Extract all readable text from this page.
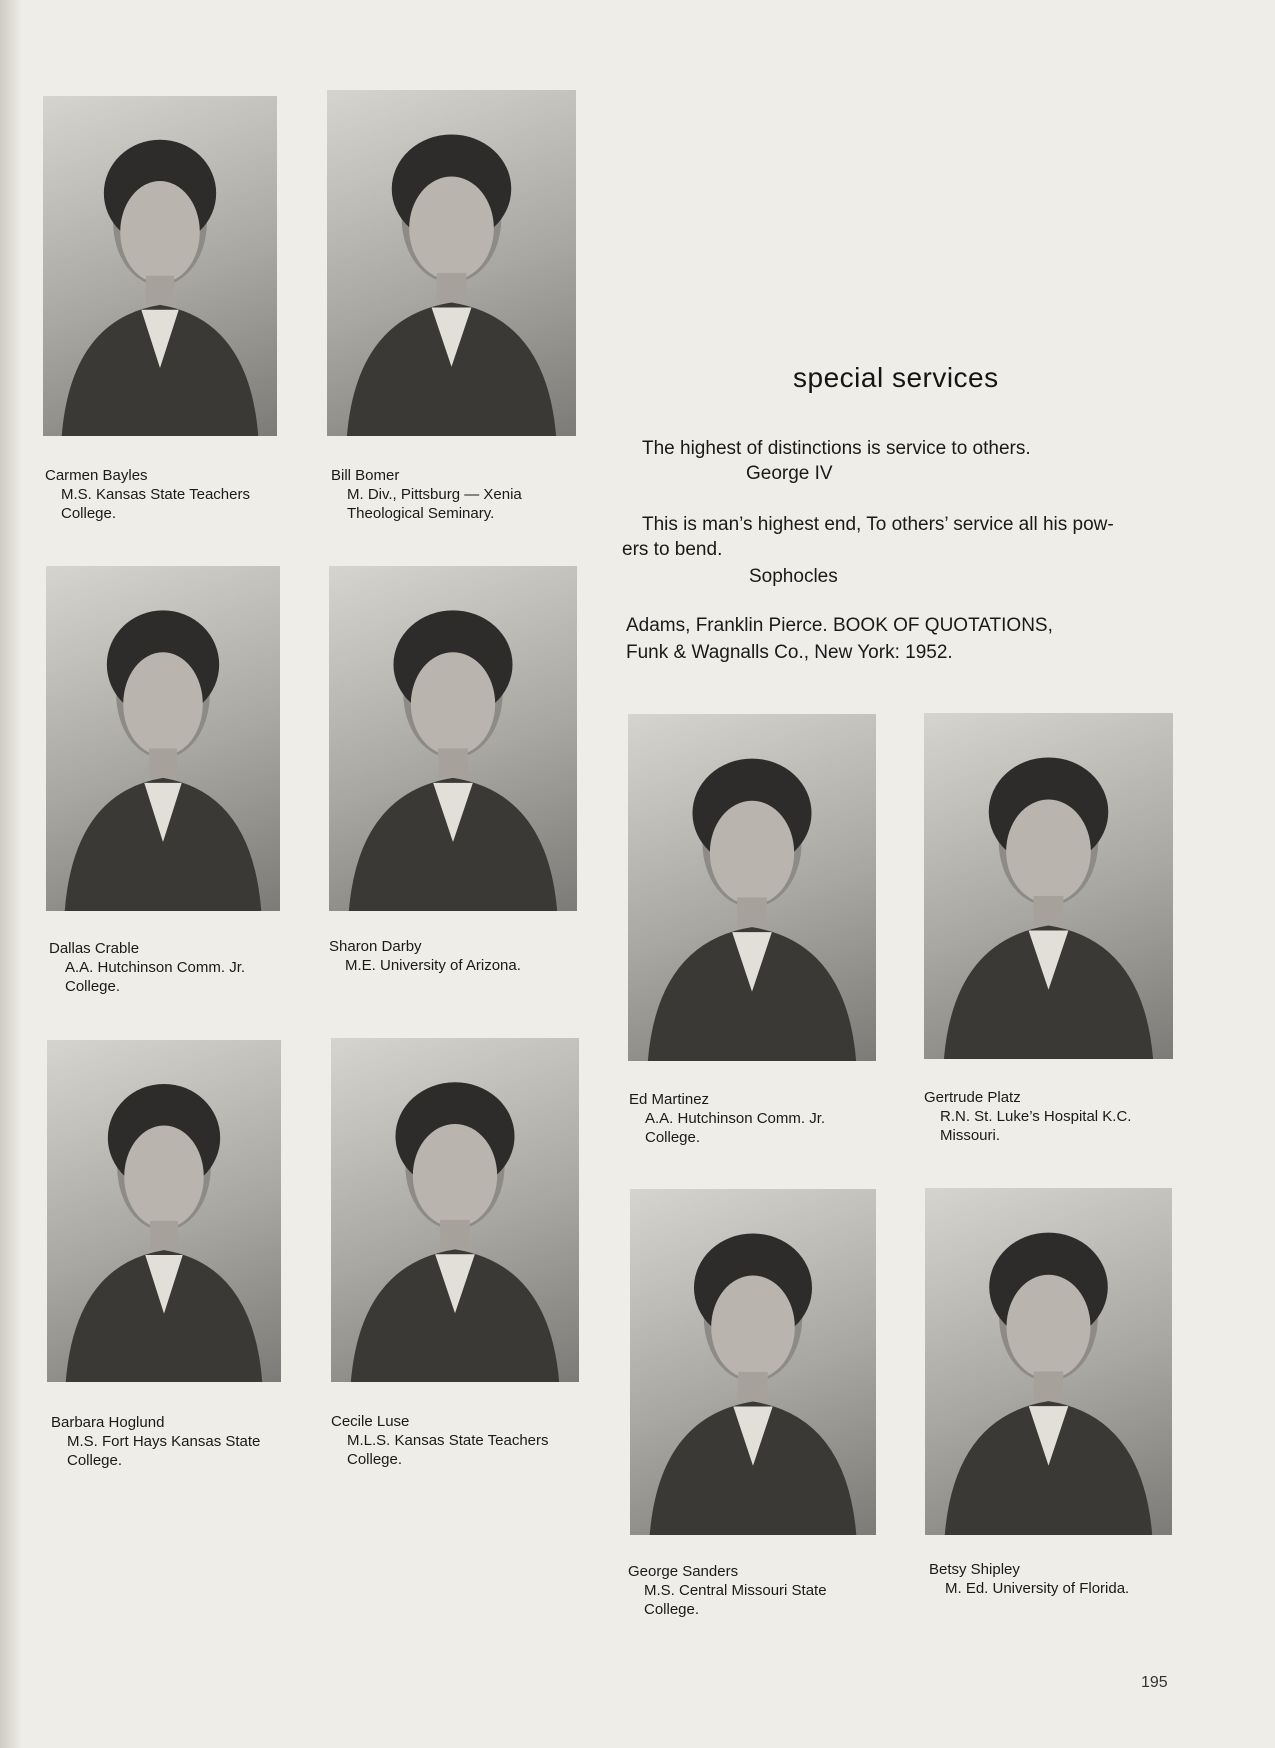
Carmen Bayles
M.S. Kansas State Teachers
College.
Dallas Crable
A.A. Hutchinson Comm. Jr.
College.
Barbara Hoglund
M.S. Fort Hays Kansas State
College.
Bill Bomer
M. Div., Pittsburg — Xenia
Theological Seminary.
Sharon Darby
M.E. University of Arizona.
Cecile Luse
M.L.S. Kansas State Teachers
College.
special services
The highest of distinctions is service to others.
George IV
This is man’s highest end, To others’ service all his pow-
ers to bend.
Sophocles
Adams, Franklin Pierce. BOOK OF QUOTATIONS,
Funk & Wagnalls Co., New York: 1952.
Ed Martinez
A.A. Hutchinson Comm. Jr.
College.
Gertrude Platz
R.N. St. Luke’s Hospital K.C.
Missouri.
George Sanders
M.S. Central Missouri State
College.
Betsy Shipley
M. Ed. University of Florida.
195
